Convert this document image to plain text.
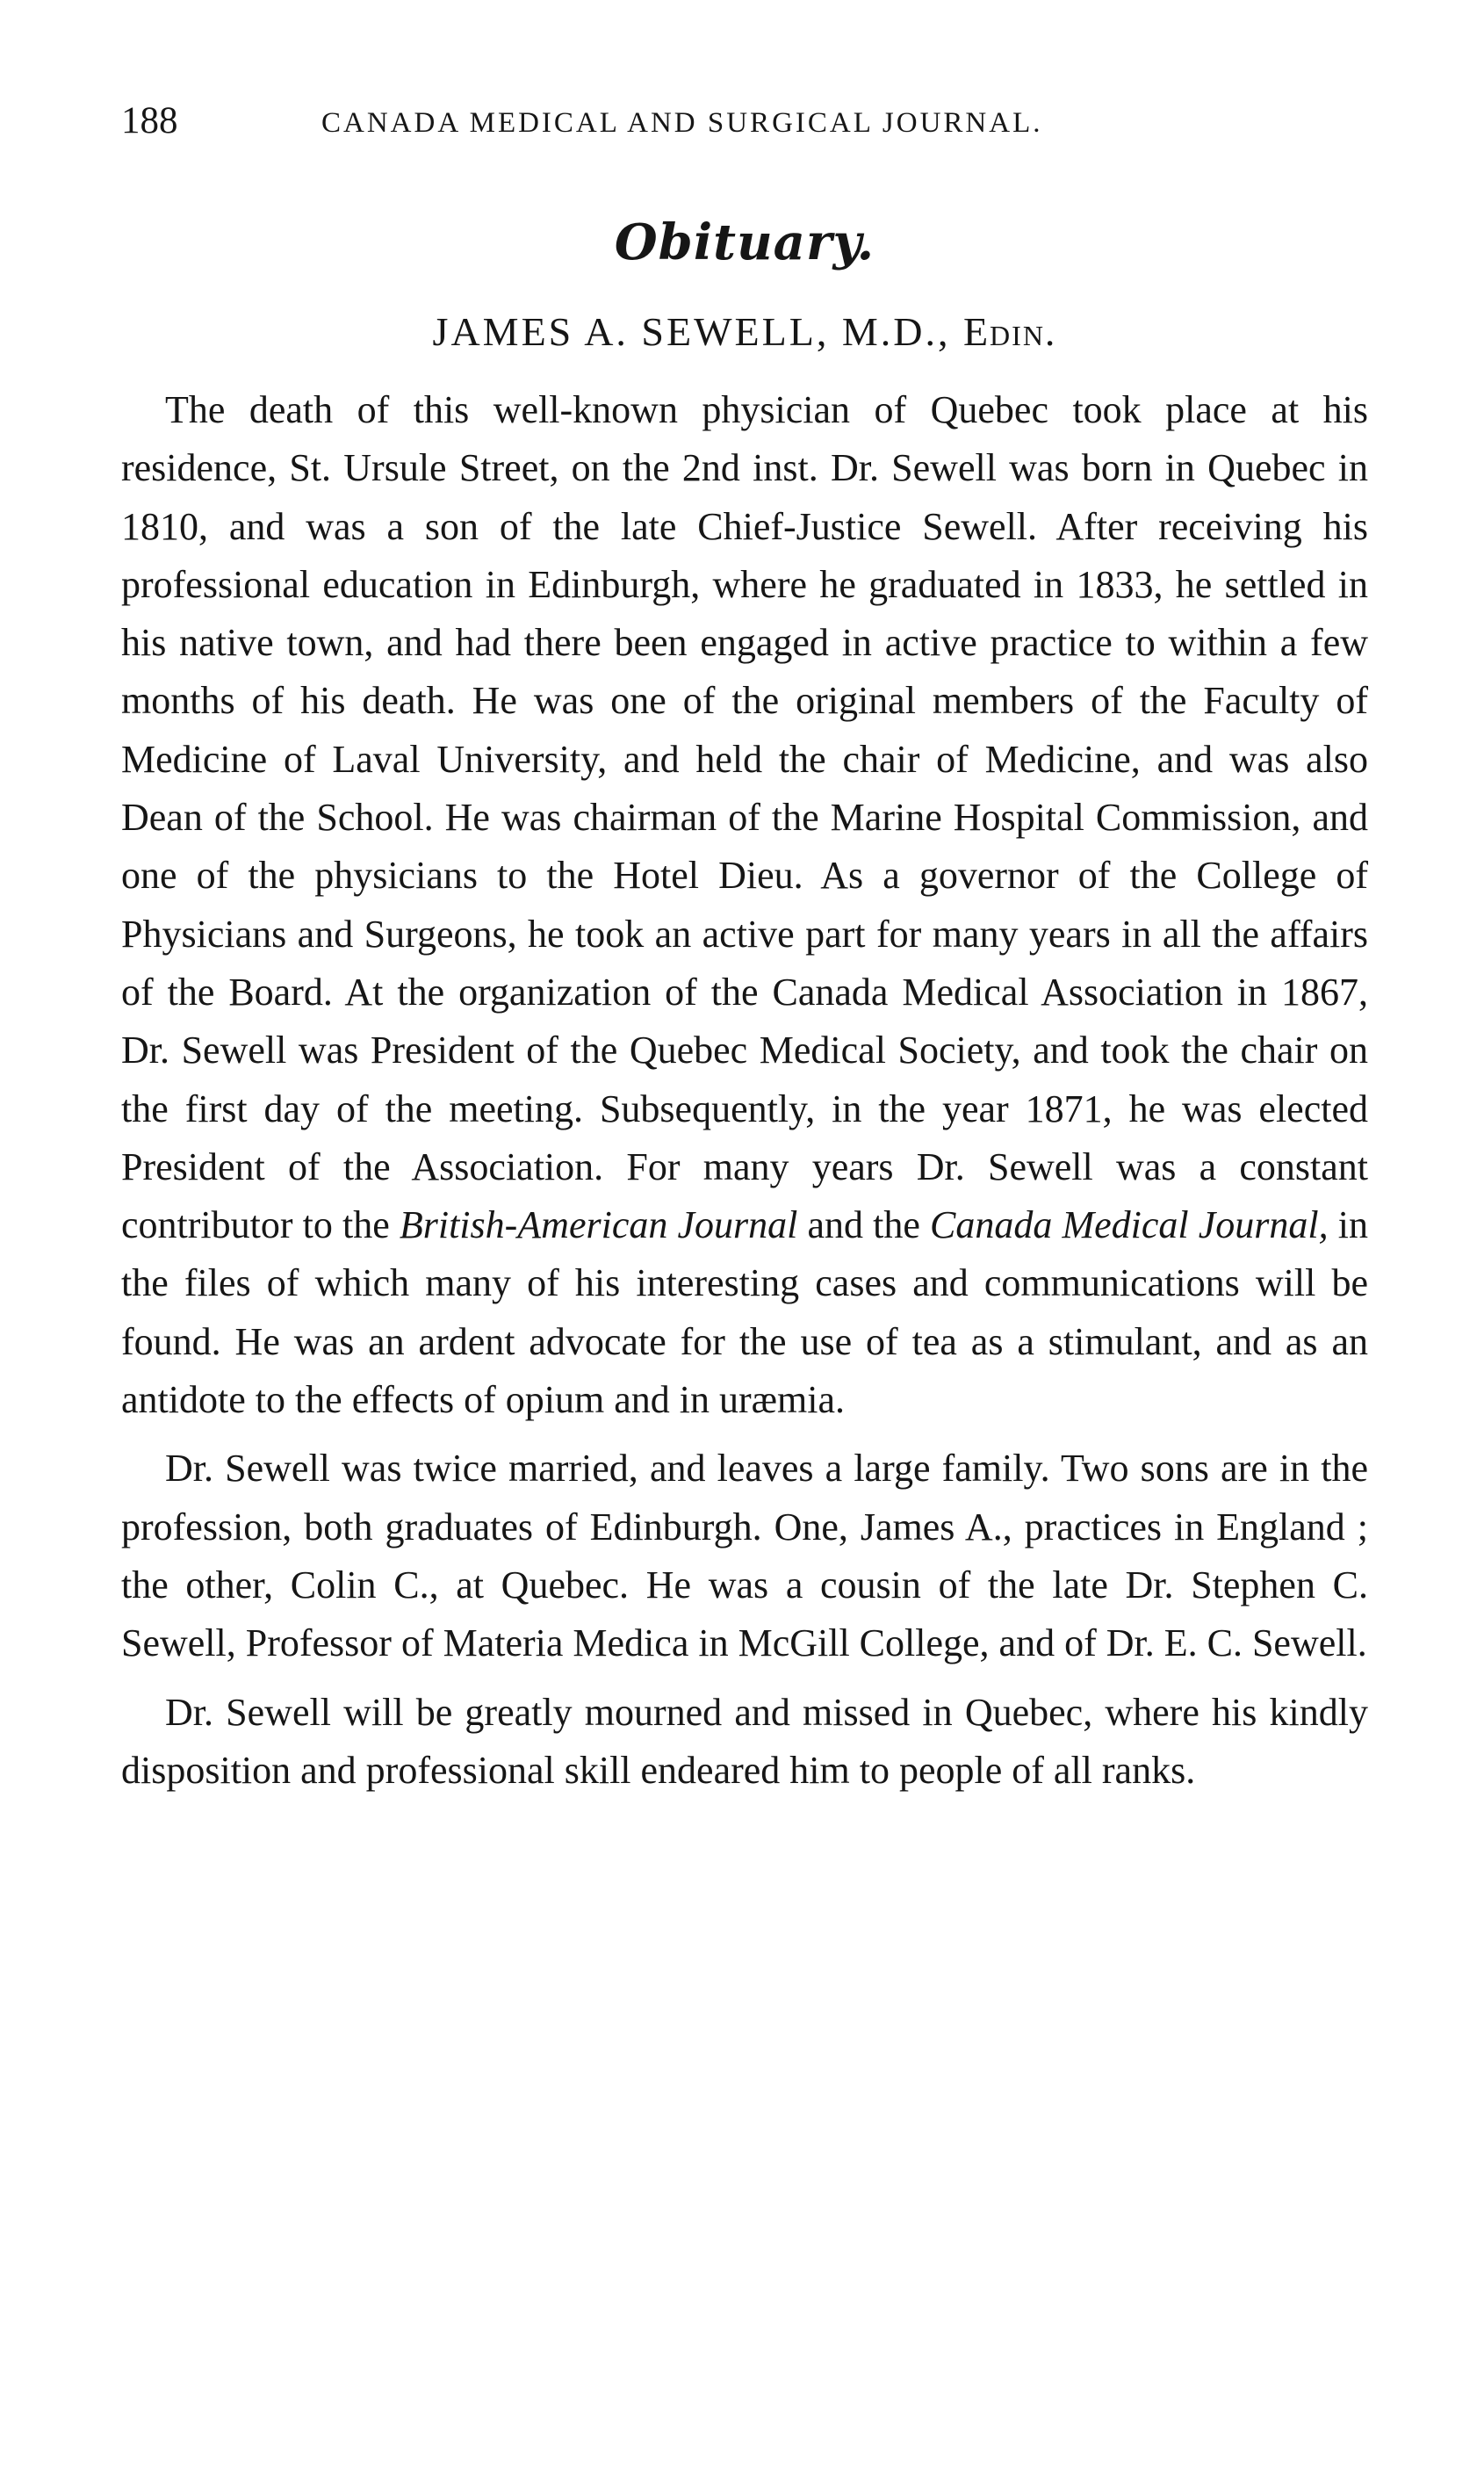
188	CANADA MEDICAL AND SURGICAL JOURNAL.
Obituary.
JAMES A. SEWELL, M.D., Edin.

The death of this well-known physician of Quebec took place at his residence, St. Ursule Street, on the 2nd inst. Dr. Sewell was born in Quebec in 1810, and was a son of the late Chief-Justice Sewell. After receiving his professional education in Edinburgh, where he graduated in 1833, he settled in his native town, and had there been engaged in active practice to within a few months of his death. He was one of the original members of the Faculty of Medicine of Laval University, and held the chair of Medicine, and was also Dean of the School. He was chairman of the Marine Hospital Commission, and one of the physicians to the Hotel Dieu. As a governor of the College of Physicians and Surgeons, he took an active part for many years in all the affairs of the Board. At the organization of the Canada Medical Association in 1867, Dr. Sewell was President of the Quebec Medical Society, and took the chair on the first day of the meeting. Subsequently, in the year 1871, he was elected President of the Association. For many years Dr. Sewell was a constant contributor to the British-American Journal and the Canada Medical Journal, in the files of which many of his interesting cases and communications will be found. He was an ardent advocate for the use of tea as a stimulant, and as an antidote to the effects of opium and in uræmia.

Dr. Sewell was twice married, and leaves a large family. Two sons are in the profession, both graduates of Edinburgh. One, James A., practices in England ; the other, Colin C., at Quebec. He was a cousin of the late Dr. Stephen C. Sewell, Professor of Materia Medica in McGill College, and of Dr. E. C. Sewell.

Dr. Sewell will be greatly mourned and missed in Quebec, where his kindly disposition and professional skill endeared him to people of all ranks.
